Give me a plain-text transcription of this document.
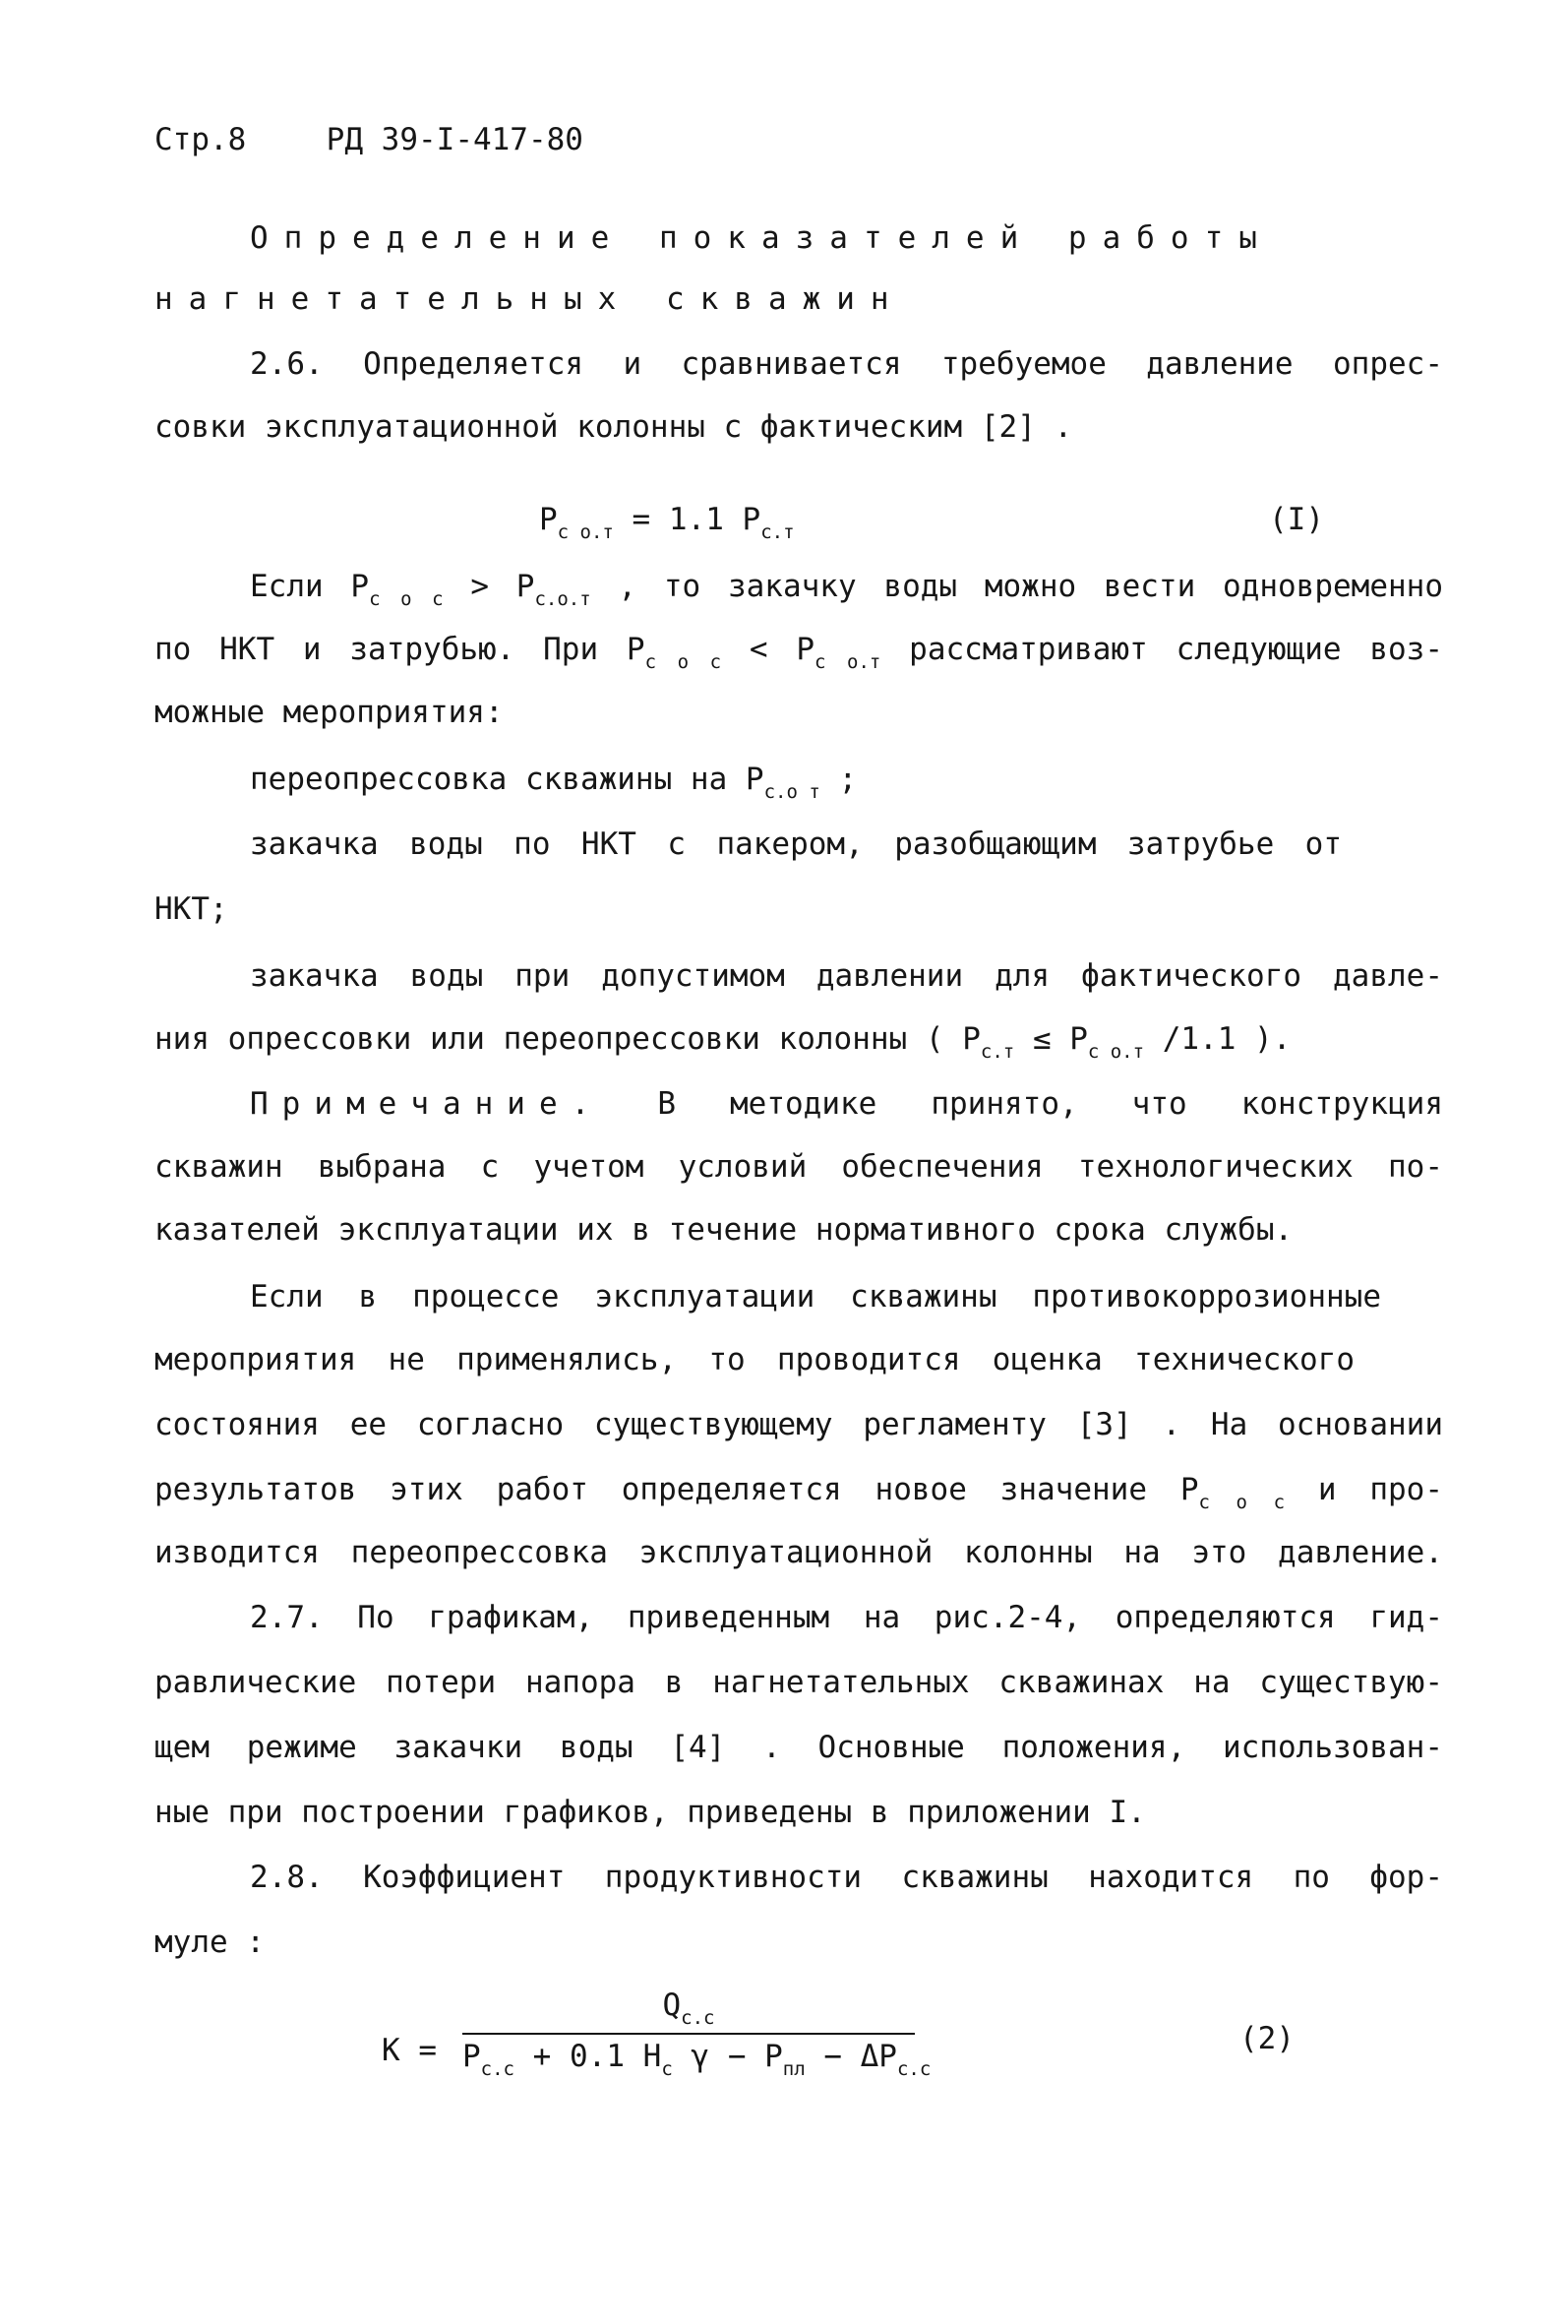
Стр.8	РД 39-I-417-80
Определение показателей работы
нагнетательных скважин
2.6. Определяется и сравнивается требуемое давление опрес-
совки эксплуатационной колонны с фактическим [2] .
$P_{с о.т} = 1.1$ $P_{с.т}$	(I)
Если $P_{с о с} > P_{с.о.т}$ , то закачку воды можно вести одновременно
по НКТ и затрубью. При $P_{с о с} < P_{с о.т}$ рассматривают следующие воз-
можные мероприятия:
переопрессовка скважины на $P_{с.о т}$ ;
закачка воды по НКТ с пакером, разобщающим затрубье от
НКТ;
закачка воды при допустимом давлении для фактического давле-
ния опрессовки или переопрессовки колонны ( $P_{с.т} \le P_{с о.т}$ /1.1 ).
Примечание. В методике принято, что конструкция
скважин выбрана с учетом условий обеспечения технологических по-
казателей эксплуатации их в течение нормативного срока службы.
Если в процессе эксплуатации скважины противокоррозионные
мероприятия не применялись, то проводится оценка технического
состояния ее согласно существующему регламенту [3] . На основании
результатов этих работ определяется новое значение $P_{с о с}$ и про-
изводится переопрессовка эксплуатационной колонны на это давление.
2.7. По графикам, приведенным на рис.2-4, определяются гид-
равлические потери напора в нагнетательных скважинах на существую-
щем режиме закачки воды [4] . Основные положения, использован-
ные при построении графиков, приведены в приложении I.
2.8. Коэффициент продуктивности скважины находится по фор-
муле :
K =
$Q_{с.с}$
$P_{с.с} + 0.1$ $H_с$ $\gamma - P_{пл} - \Delta P_{с.с}$
(2)
